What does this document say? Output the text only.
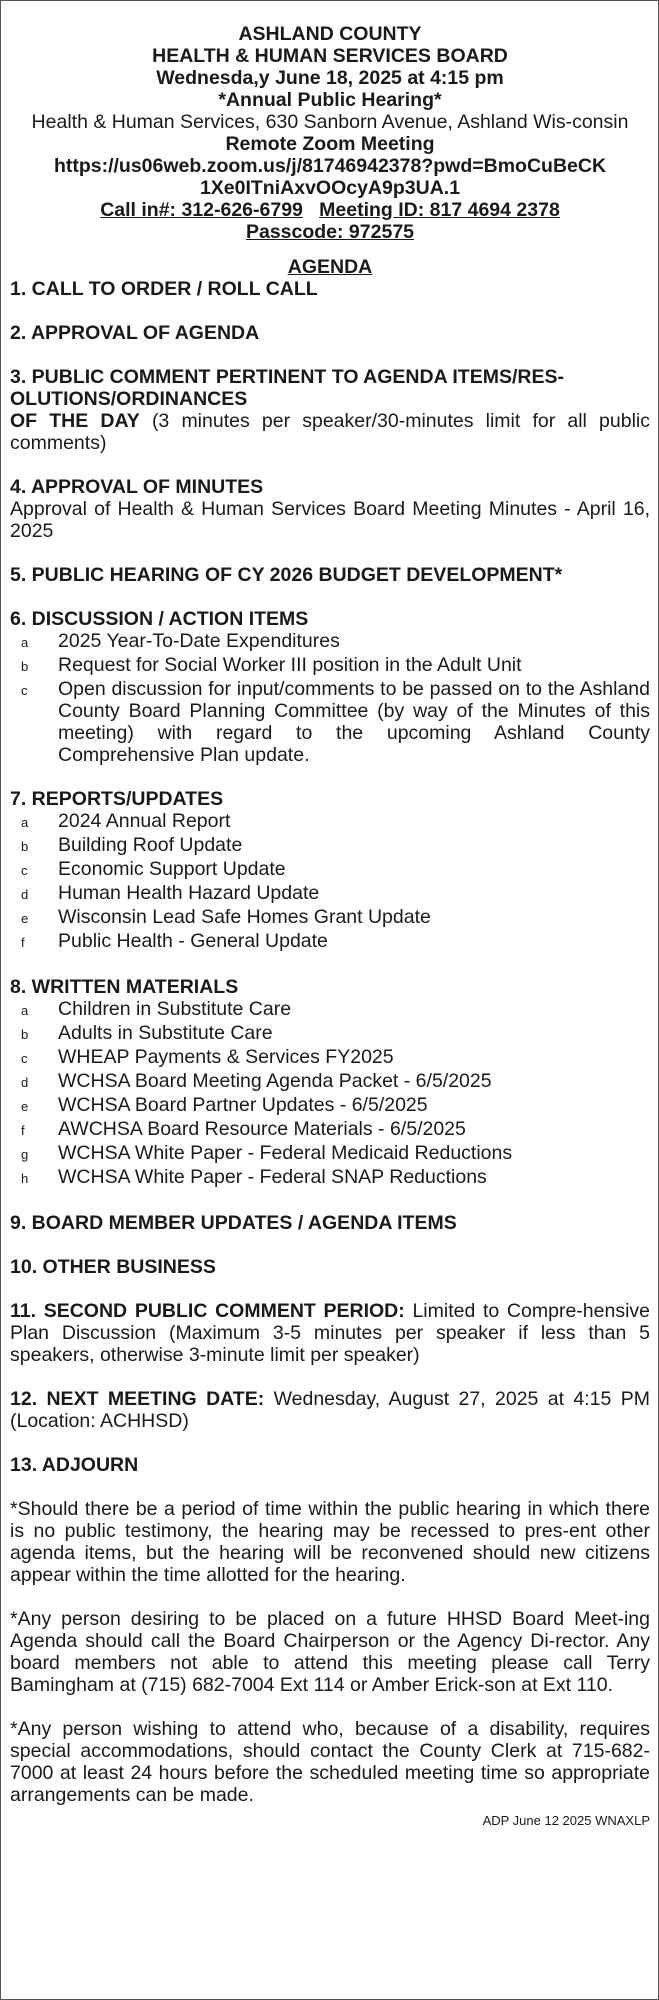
ASHLAND COUNTY
HEALTH & HUMAN SERVICES BOARD
Wednesda,y June 18, 2025 at 4:15 pm
*Annual Public Hearing*
Health & Human Services, 630 Sanborn Avenue, Ashland Wis-consin
Remote Zoom Meeting
https://us06web.zoom.us/j/81746942378?pwd=BmoCuBeCK
1Xe0ITniAxvOOcyA9p3UA.1
Call in#: 312-626-6799 Meeting ID: 817 4694 2378
Passcode: 972575
AGENDA
1. CALL TO ORDER / ROLL CALL
2. APPROVAL OF AGENDA
3. PUBLIC COMMENT PERTINENT TO AGENDA ITEMS/RES-OLUTIONS/ORDINANCES
OF THE DAY (3 minutes per speaker/30-minutes limit for all public comments)
4. APPROVAL OF MINUTES
Approval of Health & Human Services Board Meeting Minutes - April 16, 2025
5. PUBLIC HEARING OF CY 2026 BUDGET DEVELOPMENT*
6. DISCUSSION / ACTION ITEMS
a	2025 Year-To-Date Expenditures
b	Request for Social Worker III position in the Adult Unit
c	Open discussion for input/comments to be passed on to the Ashland County Board Planning Committee (by way of the Minutes of this meeting) with regard to the upcoming Ashland County Comprehensive Plan update.
7. REPORTS/UPDATES
a	2024 Annual Report
b	Building Roof Update
c	Economic Support Update
d	Human Health Hazard Update
e	Wisconsin Lead Safe Homes Grant Update
f	Public Health - General Update
8. WRITTEN MATERIALS
a	Children in Substitute Care
b	Adults in Substitute Care
c	WHEAP Payments & Services FY2025
d	WCHSA Board Meeting Agenda Packet - 6/5/2025
e	WCHSA Board Partner Updates - 6/5/2025
f	AWCHSA Board Resource Materials - 6/5/2025
g	WCHSA White Paper - Federal Medicaid Reductions
h	WCHSA White Paper - Federal SNAP Reductions
9. BOARD MEMBER UPDATES / AGENDA ITEMS
10. OTHER BUSINESS
11. SECOND PUBLIC COMMENT PERIOD: Limited to Compre-hensive Plan Discussion (Maximum 3-5 minutes per speaker if less than 5 speakers, otherwise 3-minute limit per speaker)
12. NEXT MEETING DATE: Wednesday, August 27, 2025 at 4:15 PM (Location: ACHHSD)
13. ADJOURN
*Should there be a period of time within the public hearing in which there is no public testimony, the hearing may be recessed to pres-ent other agenda items, but the hearing will be reconvened should new citizens appear within the time allotted for the hearing.
*Any person desiring to be placed on a future HHSD Board Meet-ing Agenda should call the Board Chairperson or the Agency Di-rector. Any board members not able to attend this meeting please call Terry Bamingham at (715) 682-7004 Ext 114 or Amber Erick-son at Ext 110.
*Any person wishing to attend who, because of a disability, requires special accommodations, should contact the County Clerk at 715-682-7000 at least 24 hours before the scheduled meeting time so appropriate arrangements can be made.
ADP June 12 2025 WNAXLP
